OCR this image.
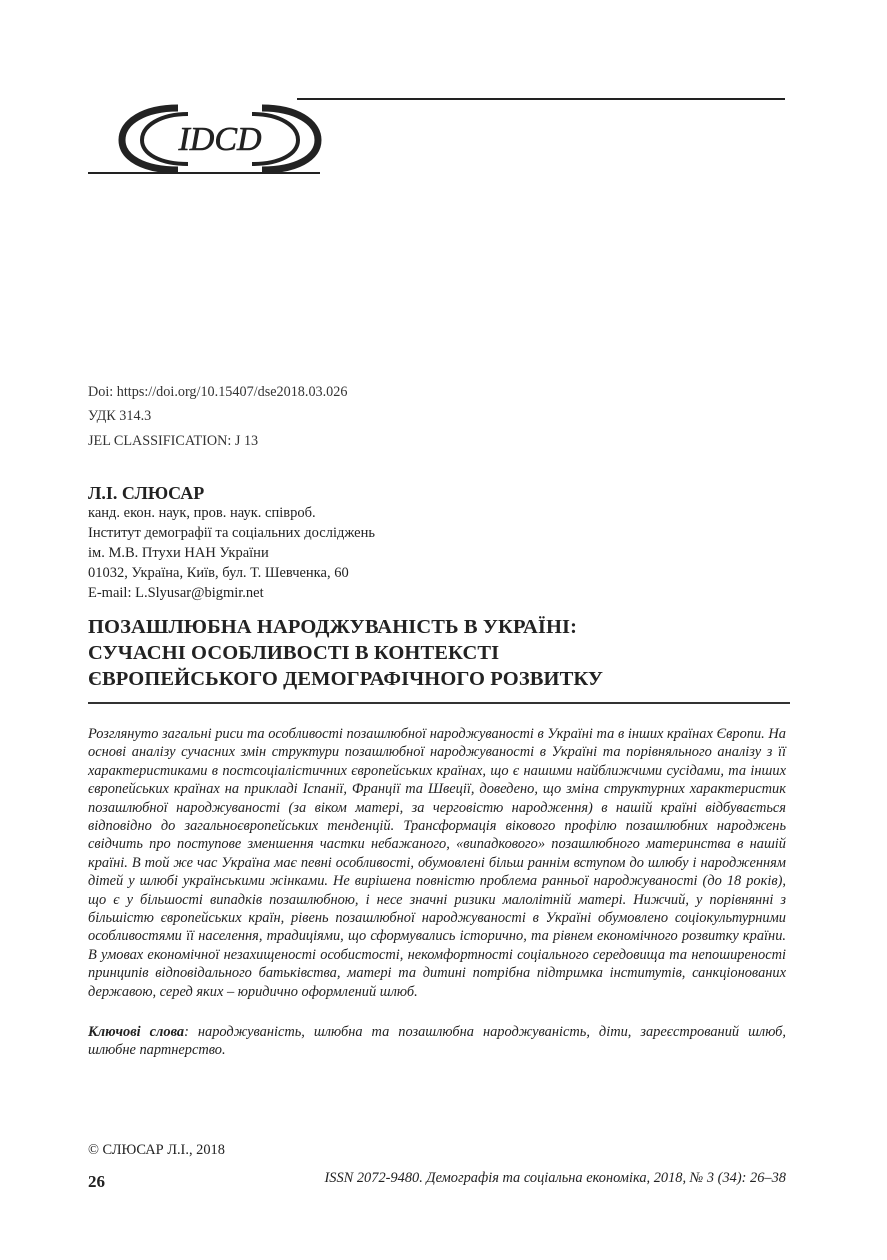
IDCD
Doi: https://doi.org/10.15407/dse2018.03.026
УДК 314.3
JEL CLASSIFICATION: J 13
Л.І. СЛЮСАР
канд. екон. наук, пров. наук. співроб.
Інститут демографії та соціальних досліджень
ім. М.В. Птухи НАН України
01032, Україна, Київ, бул. Т. Шевченка, 60
E-mail: L.Slyusar@bigmir.net
ПОЗАШЛЮБНА НАРОДЖУВАНІСТЬ В УКРАЇНІ:
СУЧАСНІ ОСОБЛИВОСТІ В КОНТЕКСТІ
ЄВРОПЕЙСЬКОГО ДЕМОГРАФІЧНОГО РОЗВИТКУ
Розглянуто загальні риси та особливості позашлюбної народжуваності в Україні та в інших країнах Європи. На основі аналізу сучасних змін структури позашлюбної народжуваності в Україні та порівняльного аналізу з її характеристиками в постсоціалістичних європейських країнах, що є нашими найближчими сусідами, та інших європейських країнах на прикладі Іспанії, Франції та Швеції, доведено, що зміна структурних характеристик позашлюбної народжуваності (за віком матері, за черговістю народження) в нашій країні відбувається відповідно до загальноєвропейських тенденцій. Трансформація вікового профілю позашлюбних народжень свідчить про поступове зменшення частки небажаного, «випадкового» позашлюбного материнства в нашій країні. В той же час Україна має певні особливості, обумовлені більш раннім вступом до шлюбу і народженням дітей у шлюбі українськими жінками. Не вирішена повністю проблема ранньої народжуваності (до 18 років), що є у більшості випадків позашлюбною, і несе значні ризики малолітній матері. Нижчий, у порівнянні з більшістю європейських країн, рівень позашлюбної народжуваності в Україні обумовлено соціокультурними особливостями її населення, традиціями, що сформувались історично, та рівнем економічного розвитку країни. В умовах економічної незахищеності особистості, некомфортності соціального середовища та непоширеності принципів відповідального батьківства, матері та дитині потрібна підтримка інститутів, санкціонованих державою, серед яких – юридично оформлений шлюб.
Ключові слова: народжуваність, шлюбна та позашлюбна народжуваність, діти, зареєстрований шлюб, шлюбне партнерство.
© СЛЮСАР Л.І., 2018
26	ISSN 2072-9480. Демографія та соціальна економіка, 2018, № 3 (34): 26–38
